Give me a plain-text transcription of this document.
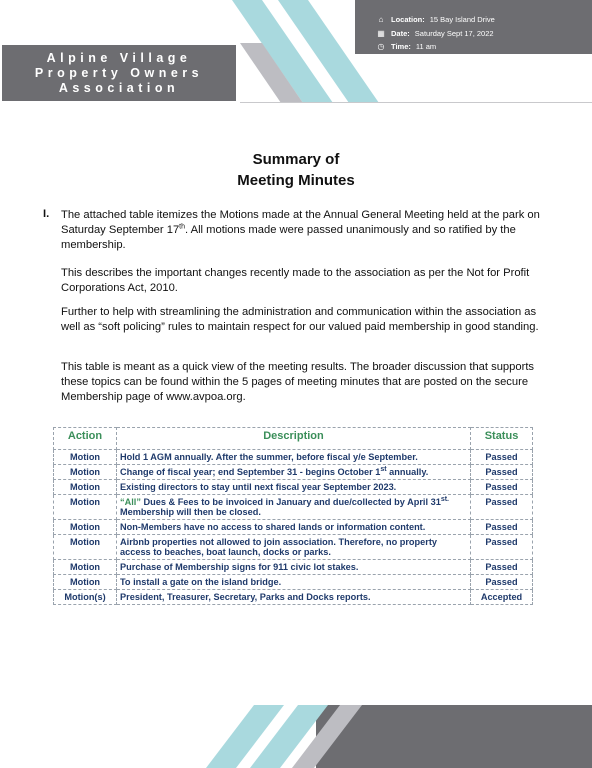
Alpine Village
Property Owners
Association
⌂	Location: 15 Bay Island Drive
▦ Date: Saturday Sept 17, 2022
◷ Time: 11 am
Summary of
Meeting Minutes
I. The attached table itemizes the Motions made at the Annual General Meeting held at the park on Saturday September 17th. All motions made were passed unanimously and so ratified by the membership.
This describes the important changes recently made to the association as per the Not for Profit Corporations Act, 2010.
Further to help with streamlining the administration and communication within the association as well as “soft policing” rules to maintain respect for our valued paid membership in good standing.
This table is meant as a quick view of the meeting results. The broader discussion that supports these topics can be found within the 5 pages of meeting minutes that are posted on the secure Membership page of www.avpoa.org.
Action	Description	Status
Motion	Hold 1 AGM annually. After the summer, before fiscal y/e September.	Passed
Motion	Change of fiscal year; end September 31 - begins October 1st annually.	Passed
Motion	Existing directors to stay until next fiscal year September 2023.	Passed
Motion	“All” Dues & Fees to be invoiced in January and due/collected by April $31^{st.}$ Membership will then be closed.	Passed
Motion	Non-Members have no access to shared lands or information content.	Passed
Motion	Airbnb properties not allowed to join association. Therefore, no property access to beaches, boat launch, docks or parks.	Passed
Motion	Purchase of Membership signs for 911 civic lot stakes.	Passed
Motion	To install a gate on the island bridge.	Passed
Motion(s)	President, Treasurer, Secretary, Parks and Docks reports.	Accepted
